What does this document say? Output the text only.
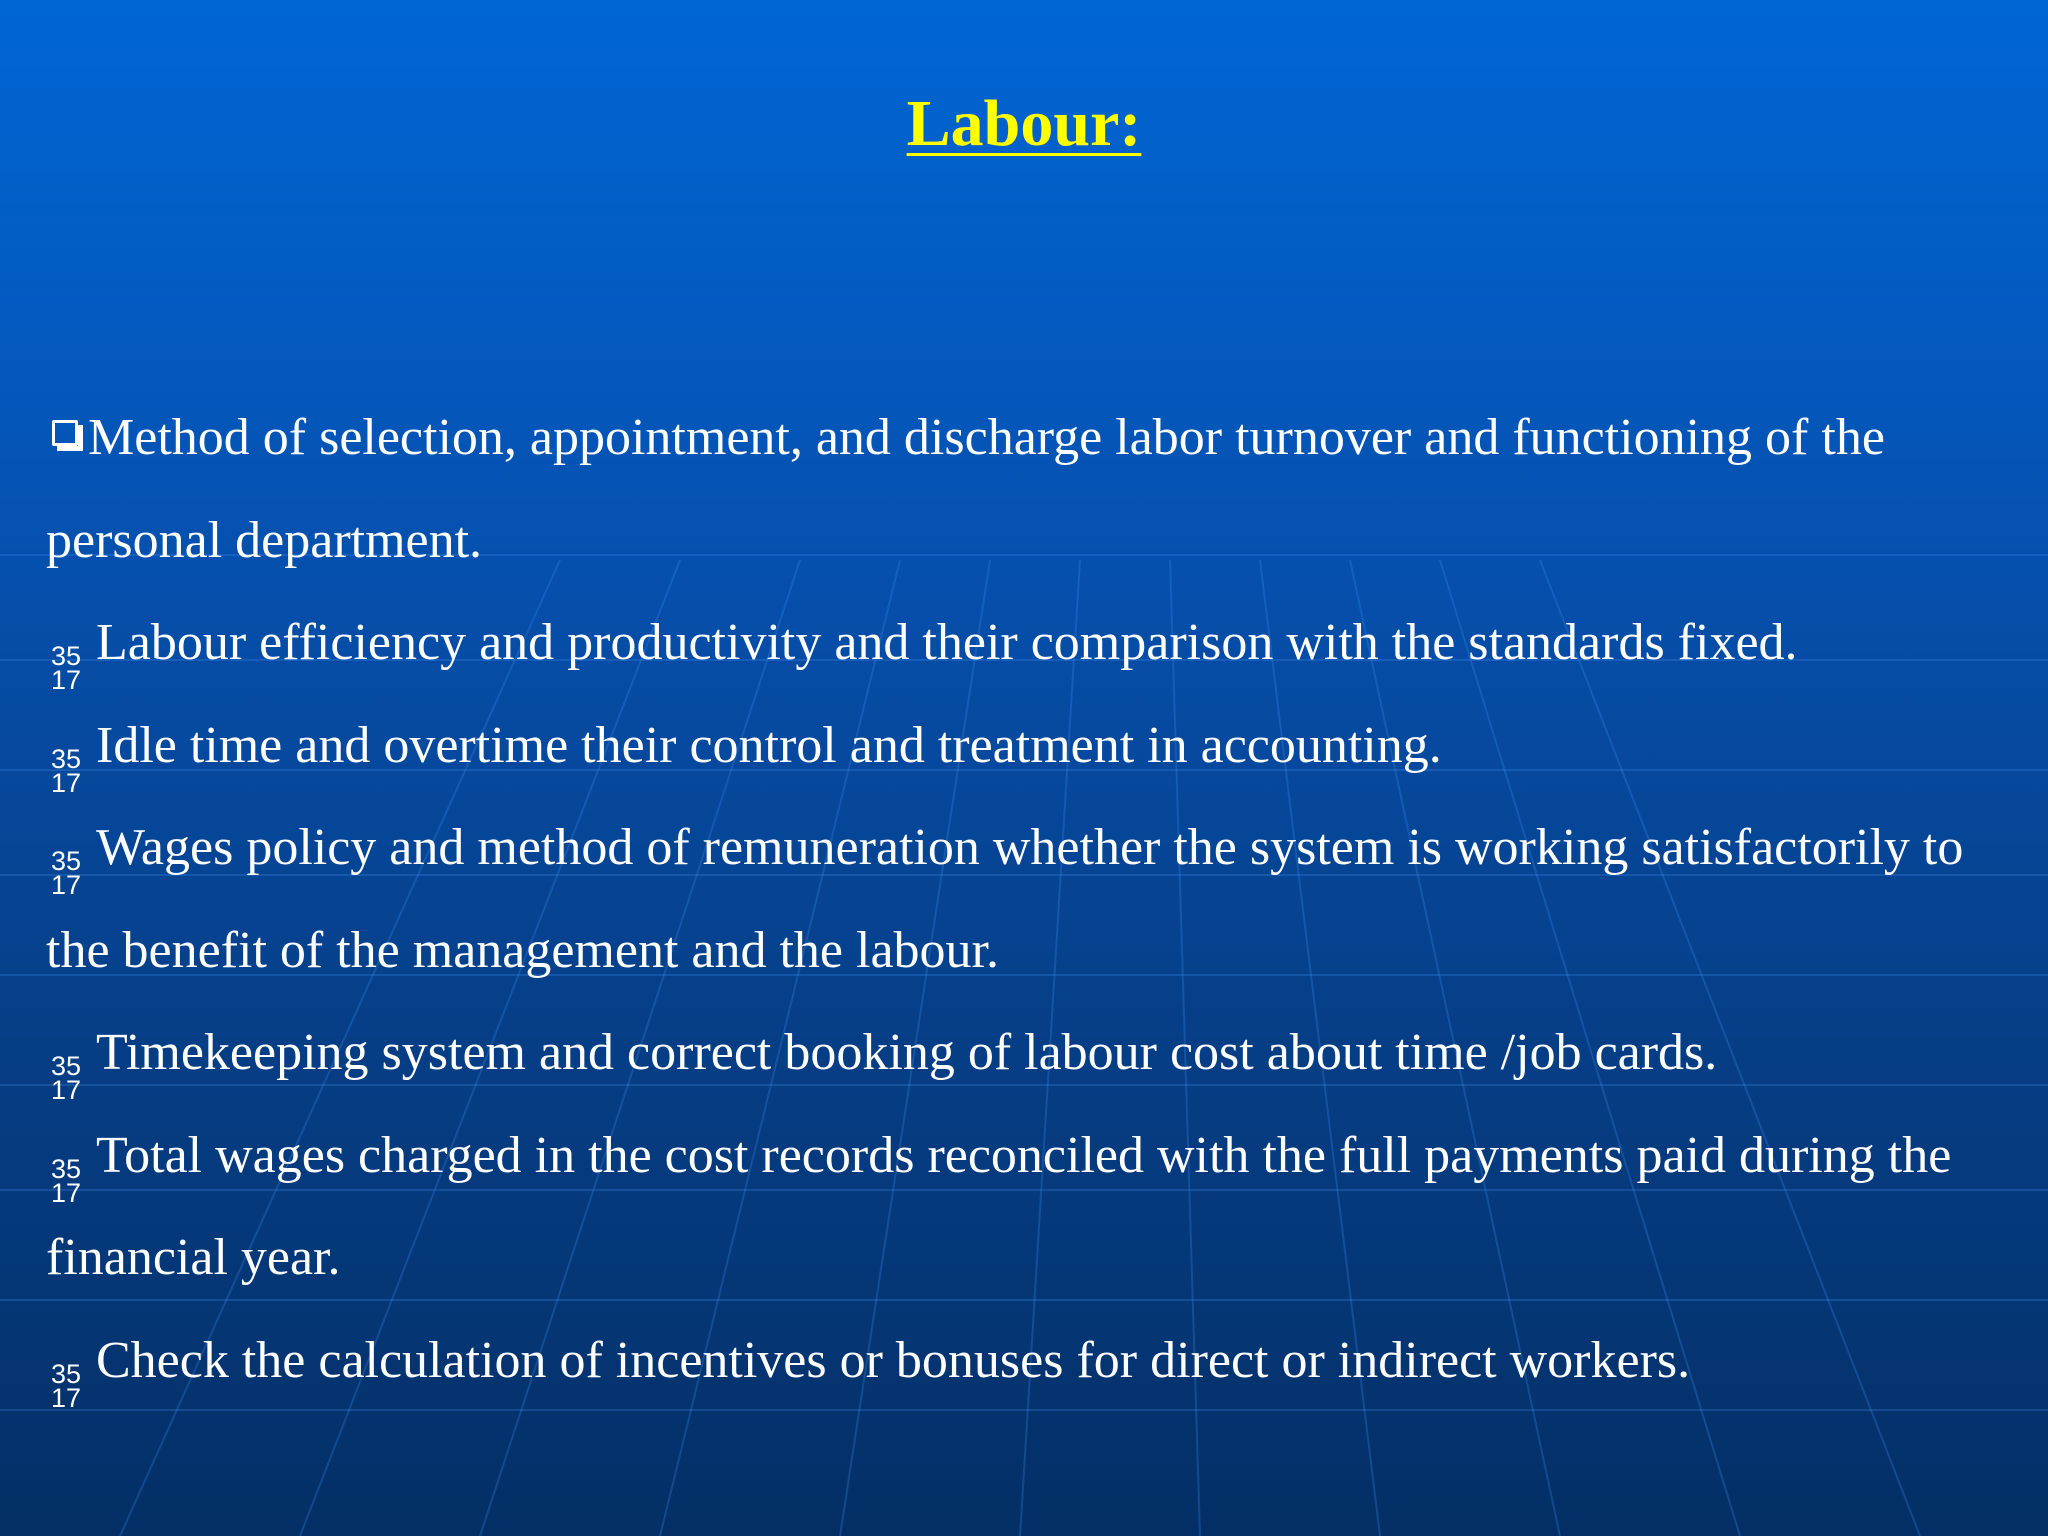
Labour:

Method of selection, appointment, and discharge labor turnover and functioning of the personal department.

35
17
Labour efficiency and productivity and their comparison with the standards fixed.

35
17
Idle time and overtime their control and treatment in accounting.

35
17
Wages policy and method of remuneration whether the system is working satisfactorily to the benefit of the management and the labour.

35
17
Timekeeping system and correct booking of labour cost about time /job cards.

35
17
Total wages charged in the cost records reconciled with the full payments paid during the financial year.

35
17
Check the calculation of incentives or bonuses for direct or indirect workers.
